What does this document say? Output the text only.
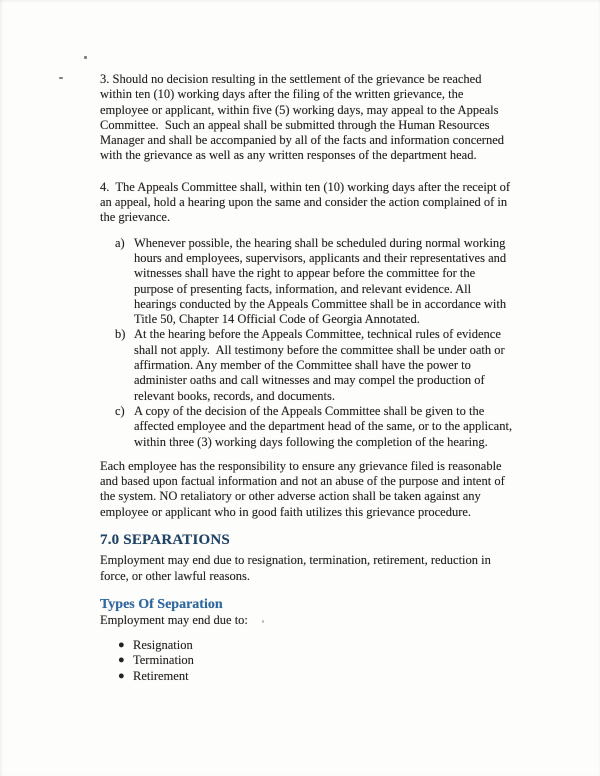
3. Should no decision resulting in the settlement of the grievance be reached within ten (10) working days after the filing of the written grievance, the employee or applicant, within five (5) working days, may appeal to the Appeals Committee.  Such an appeal shall be submitted through the Human Resources Manager and shall be accompanied by all of the facts and information concerned with the grievance as well as any written responses of the department head.

4.  The Appeals Committee shall, within ten (10) working days after the receipt of an appeal, hold a hearing upon the same and consider the action complained of in the grievance.

a) Whenever possible, the hearing shall be scheduled during normal working hours and employees, supervisors, applicants and their representatives and witnesses shall have the right to appear before the committee for the purpose of presenting facts, information, and relevant evidence. All hearings conducted by the Appeals Committee shall be in accordance with Title 50, Chapter 14 Official Code of Georgia Annotated.
b) At the hearing before the Appeals Committee, technical rules of evidence shall not apply.  All testimony before the committee shall be under oath or affirmation. Any member of the Committee shall have the power to administer oaths and call witnesses and may compel the production of relevant books, records, and documents.
c) A copy of the decision of the Appeals Committee shall be given to the affected employee and the department head of the same, or to the applicant, within three (3) working days following the completion of the hearing.

Each employee has the responsibility to ensure any grievance filed is reasonable and based upon factual information and not an abuse of the purpose and intent of the system. NO retaliatory or other adverse action shall be taken against any employee or applicant who in good faith utilizes this grievance procedure.

7.0 SEPARATIONS

Employment may end due to resignation, termination, retirement, reduction in force, or other lawful reasons.

Types Of Separation

Employment may end due to:

● Resignation
● Termination
● Retirement
